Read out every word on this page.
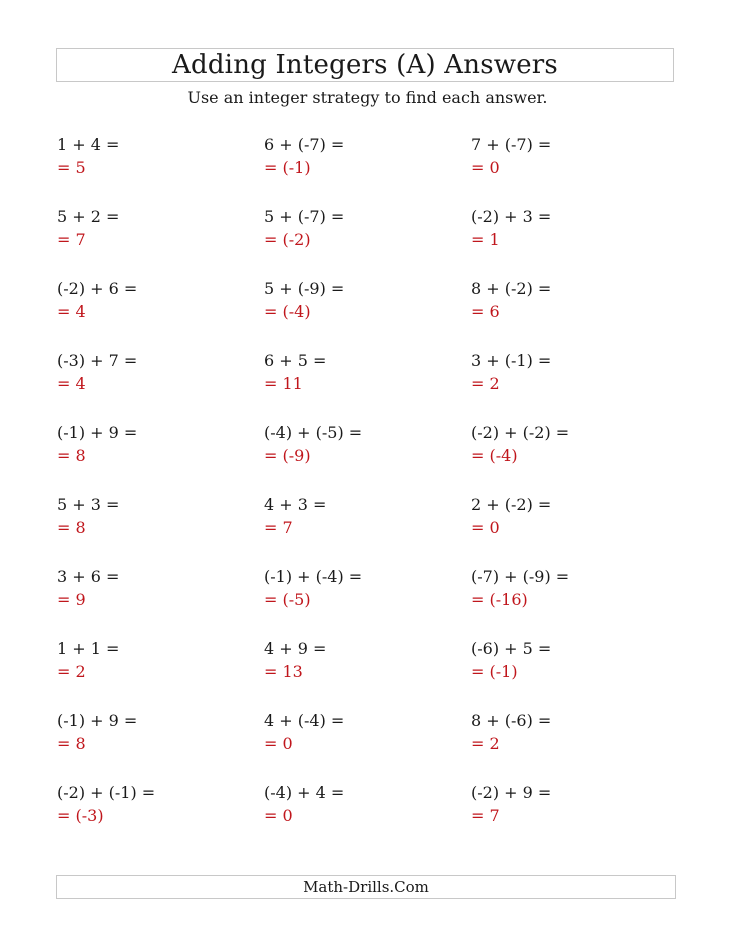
Adding Integers (A) Answers
Use an integer strategy to find each answer.
1 + 4 =
= 5
6 + (-7) =
= (-1)
7 + (-7) =
= 0
5 + 2 =
= 7
5 + (-7) =
= (-2)
(-2) + 3 =
= 1
(-2) + 6 =
= 4
5 + (-9) =
= (-4)
8 + (-2) =
= 6
(-3) + 7 =
= 4
6 + 5 =
= 11
3 + (-1) =
= 2
(-1) + 9 =
= 8
(-4) + (-5) =
= (-9)
(-2) + (-2) =
= (-4)
5 + 3 =
= 8
4 + 3 =
= 7
2 + (-2) =
= 0
3 + 6 =
= 9
(-1) + (-4) =
= (-5)
(-7) + (-9) =
= (-16)
1 + 1 =
= 2
4 + 9 =
= 13
(-6) + 5 =
= (-1)
(-1) + 9 =
= 8
4 + (-4) =
= 0
8 + (-6) =
= 2
(-2) + (-1) =
= (-3)
(-4) + 4 =
= 0
(-2) + 9 =
= 7
Math-Drills.Com
